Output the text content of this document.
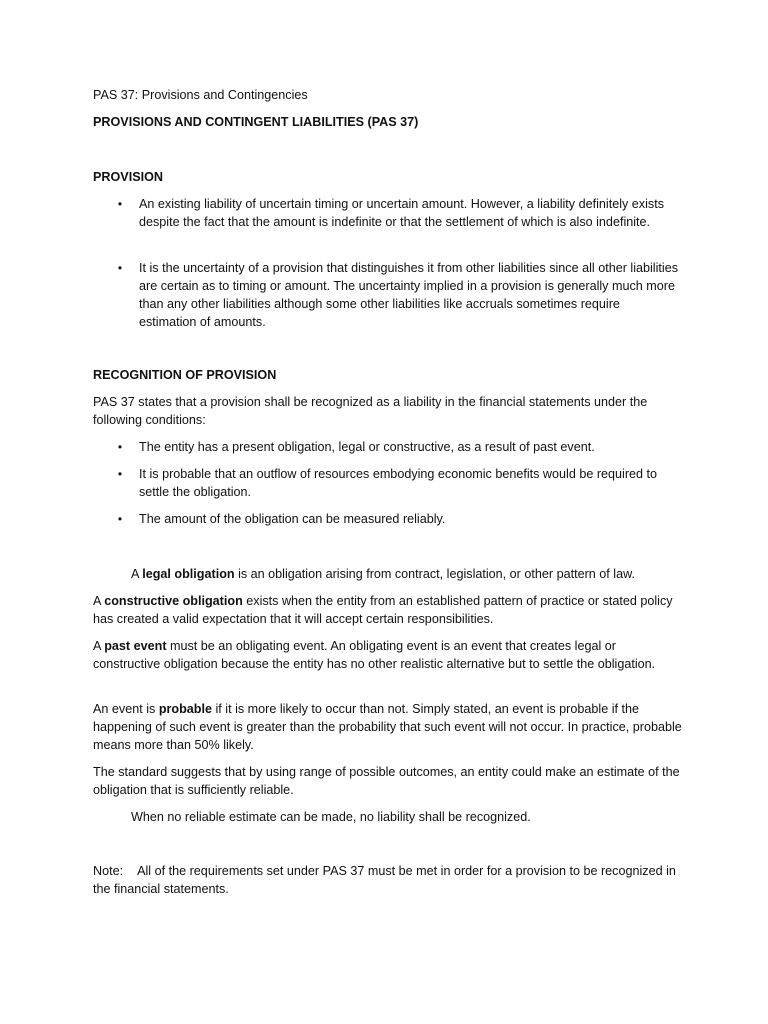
PAS 37: Provisions and Contingencies

PROVISIONS AND CONTINGENT LIABILITIES (PAS 37)

PROVISION

• An existing liability of uncertain timing or uncertain amount. However, a liability definitely exists despite the fact that the amount is indefinite or that the settlement of which is also indefinite.

• It is the uncertainty of a provision that distinguishes it from other liabilities since all other liabilities are certain as to timing or amount. The uncertainty implied in a provision is generally much more than any other liabilities although some other liabilities like accruals sometimes require estimation of amounts.

RECOGNITION OF PROVISION

PAS 37 states that a provision shall be recognized as a liability in the financial statements under the following conditions:

• The entity has a present obligation, legal or constructive, as a result of past event.

• It is probable that an outflow of resources embodying economic benefits would be required to settle the obligation.

• The amount of the obligation can be measured reliably.

A legal obligation is an obligation arising from contract, legislation, or other pattern of law.

A constructive obligation exists when the entity from an established pattern of practice or stated policy has created a valid expectation that it will accept certain responsibilities.

A past event must be an obligating event. An obligating event is an event that creates legal or constructive obligation because the entity has no other realistic alternative but to settle the obligation.

An event is probable if it is more likely to occur than not. Simply stated, an event is probable if the happening of such event is greater than the probability that such event will not occur. In practice, probable means more than 50% likely.

The standard suggests that by using range of possible outcomes, an entity could make an estimate of the obligation that is sufficiently reliable.

When no reliable estimate can be made, no liability shall be recognized.

Note: All of the requirements set under PAS 37 must be met in order for a provision to be recognized in the financial statements.
